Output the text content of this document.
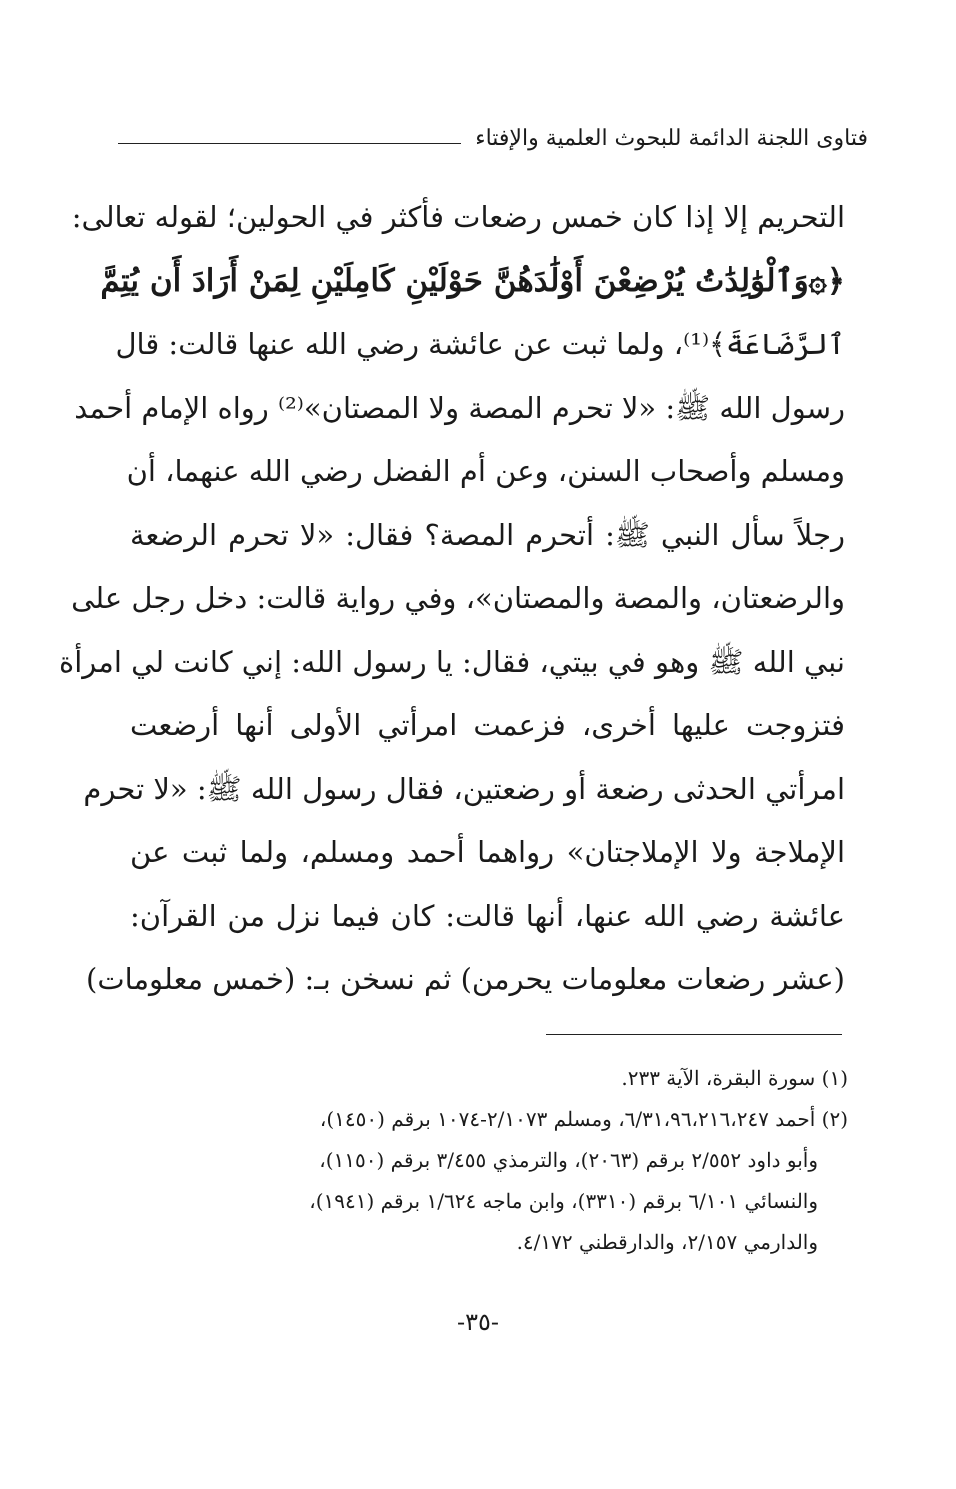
فتاوى اللجنة الدائمة للبحوث العلمية والإفتاء
التحريم إلا إذا كان خمس رضعات فأكثر في الحولين؛ لقوله تعالى:
﴿۞وَٱلْوَٰلِدَٰتُ يُرْضِعْنَ أَوْلَٰدَهُنَّ حَوْلَيْنِ كَامِلَيْنِ لِمَنْ أَرَادَ أَن يُتِمَّ
ٱلرَّضَاعَةَ﴾⁽¹⁾، ولما ثبت عن عائشة رضي الله عنها قالت: قال
رسول الله ﷺ: «لا تحرم المصة ولا المصتان»⁽²⁾ رواه الإمام أحمد
ومسلم وأصحاب السنن، وعن أم الفضل رضي الله عنهما، أن
رجلاً سأل النبي ﷺ: أتحرم المصة؟ فقال: «لا تحرم الرضعة
والرضعتان، والمصة والمصتان»، وفي رواية قالت: دخل رجل على
نبي الله ﷺ وهو في بيتي، فقال: يا رسول الله: إني كانت لي امرأة
فتزوجت عليها أخرى، فزعمت امرأتي الأولى أنها أرضعت
امرأتي الحدثى رضعة أو رضعتين، فقال رسول الله ﷺ: «لا تحرم
الإملاجة ولا الإملاجتان» رواهما أحمد ومسلم، ولما ثبت عن
عائشة رضي الله عنها، أنها قالت: كان فيما نزل من القرآن:
(عشر رضعات معلومات يحرمن) ثم نسخن بـ: (خمس معلومات)
(١) سورة البقرة، الآية ٢٣٣.
(٢) أحمد ٦/٣١،٩٦،٢١٦،٢٤٧، ومسلم ٢/١٠٧٣-١٠٧٤ برقم (١٤٥٠)،
وأبو داود ٢/٥٥٢ برقم (٢٠٦٣)، والترمذي ٣/٤٥٥ برقم (١١٥٠)،
والنسائي ٦/١٠١ برقم (٣٣١٠)، وابن ماجه ١/٦٢٤ برقم (١٩٤١)،
والدارمي ٢/١٥٧، والدارقطني ٤/١٧٢.
-٣٥-
